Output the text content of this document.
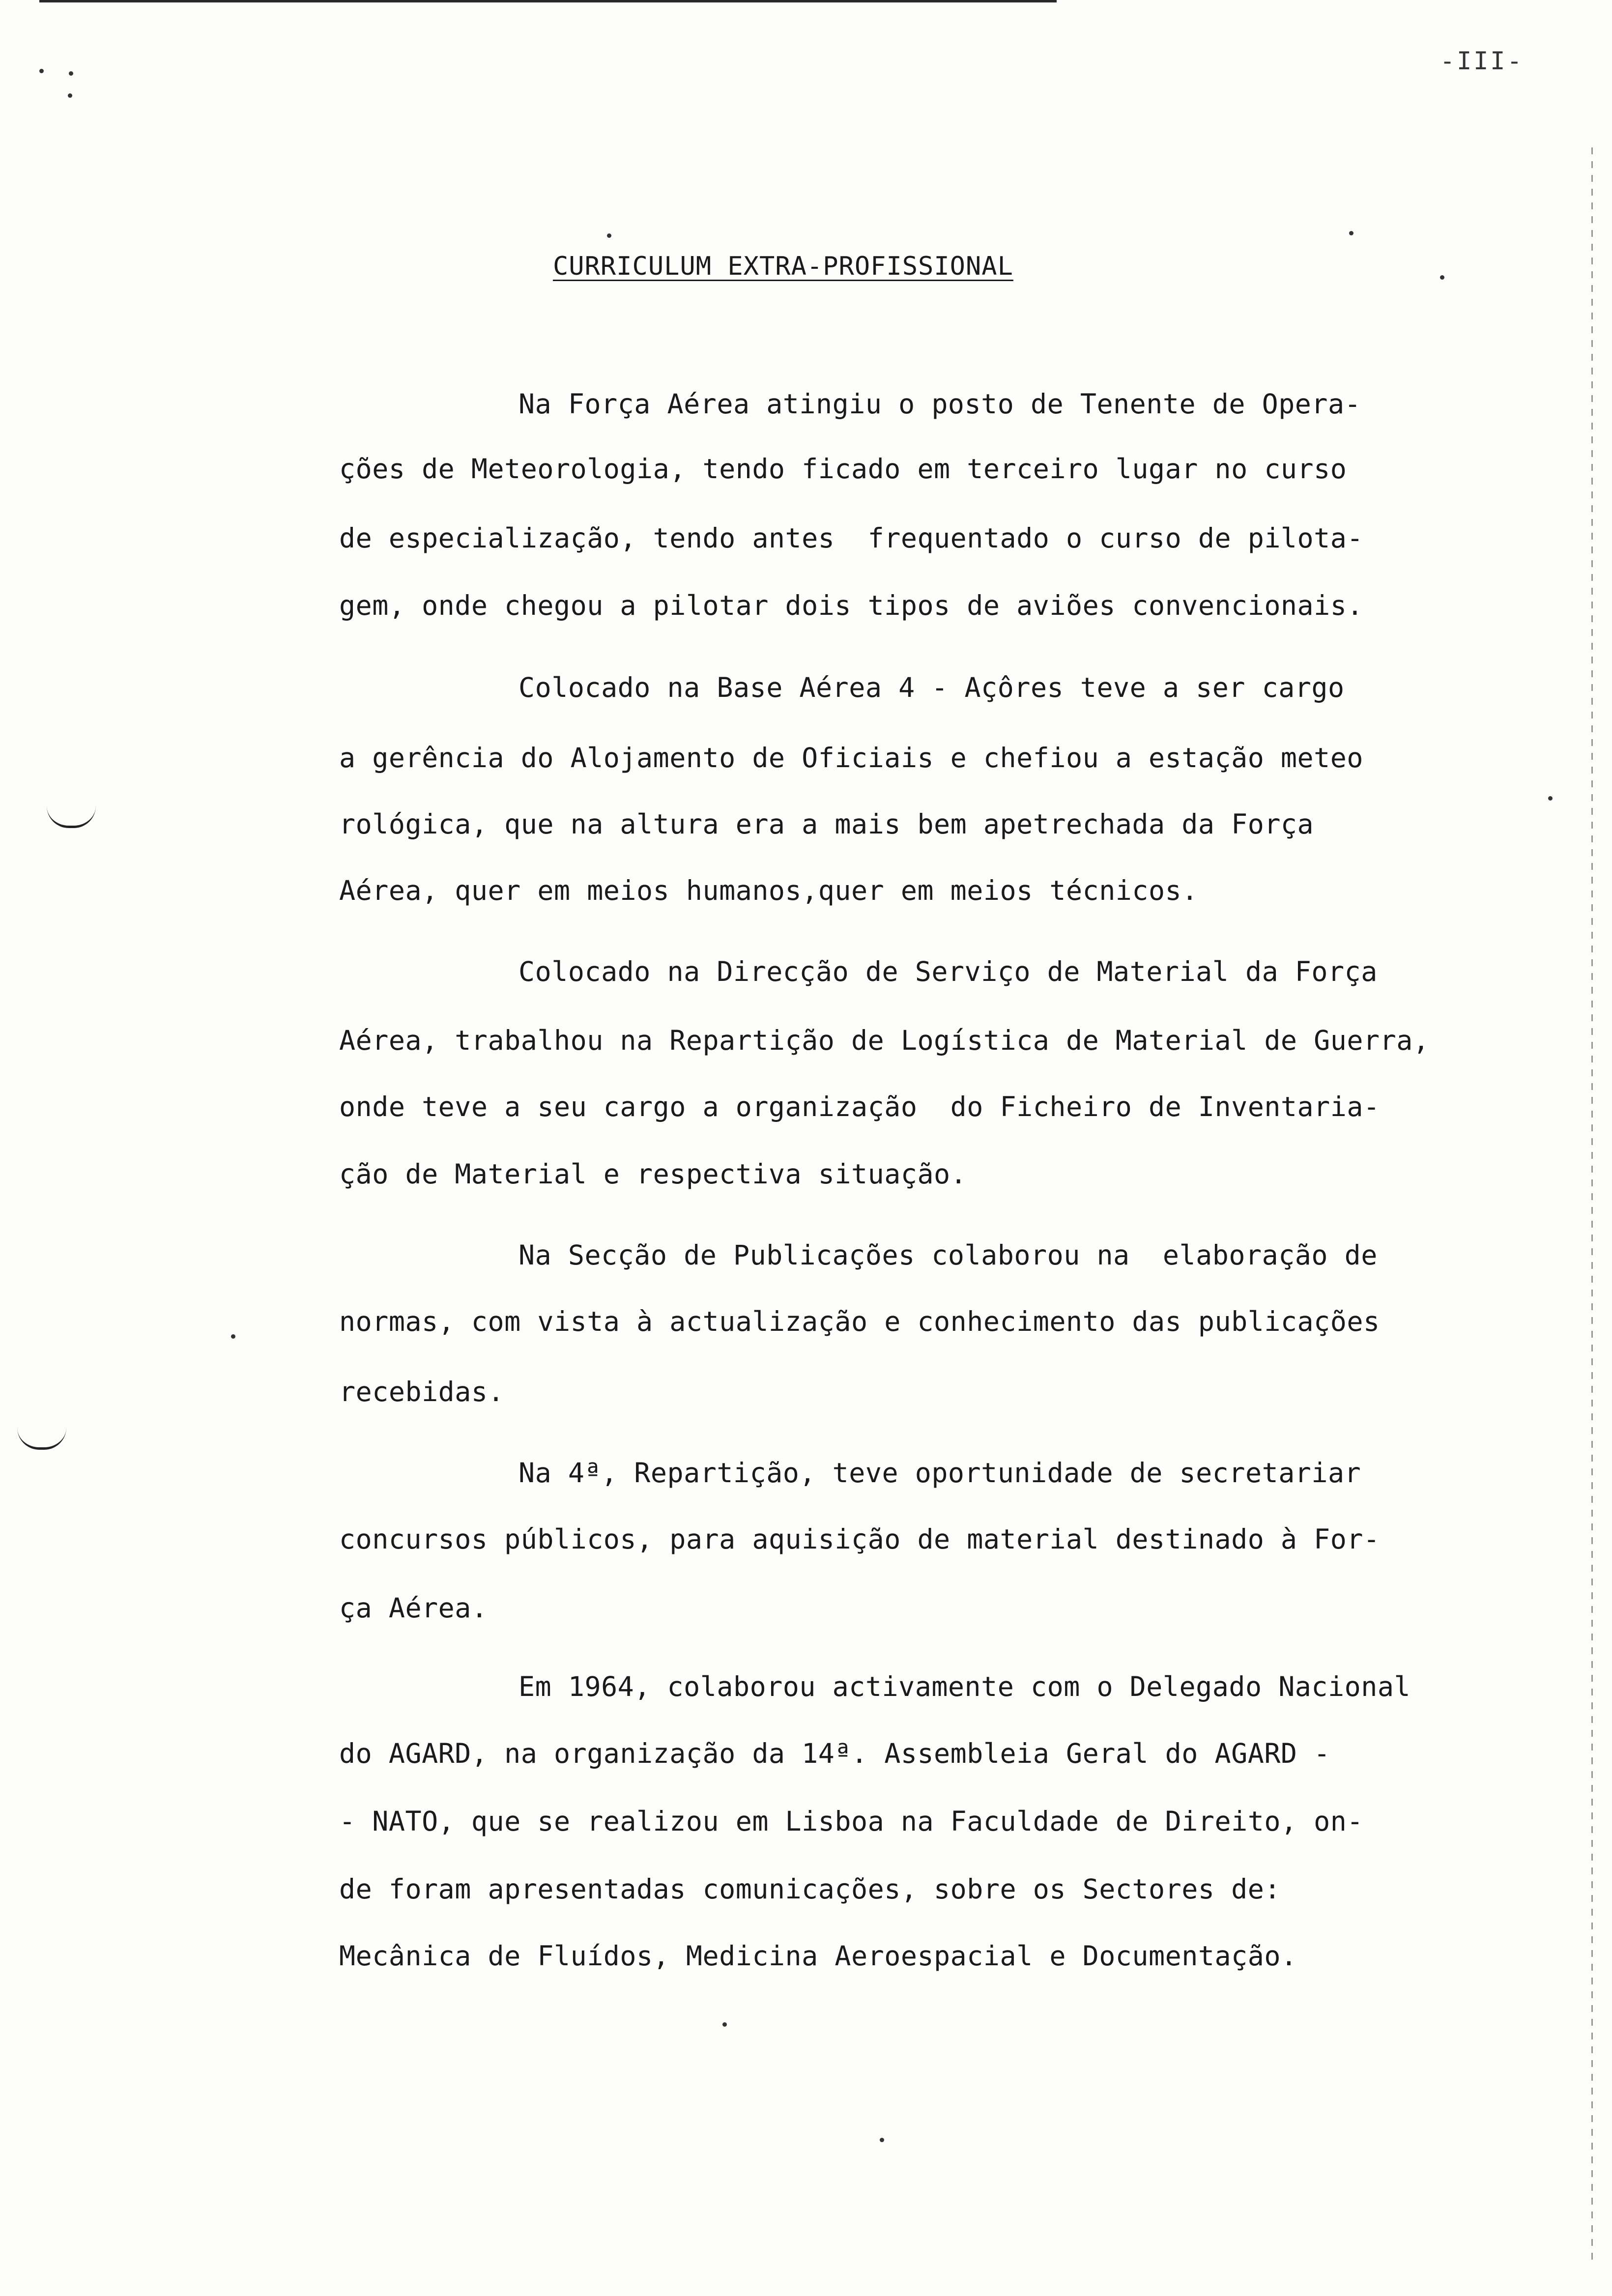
-III-
CURRICULUM EXTRA-PROFISSIONAL
Na Força Aérea atingiu o posto de Tenente de Opera-
ções de Meteorologia, tendo ficado em terceiro lugar no curso
de especialização, tendo antes  frequentado o curso de pilota-
gem, onde chegou a pilotar dois tipos de aviões convencionais.
Colocado na Base Aérea 4 - Açôres teve a ser cargo
a gerência do Alojamento de Oficiais e chefiou a estação meteo
rológica, que na altura era a mais bem apetrechada da Força
Aérea, quer em meios humanos,quer em meios técnicos.
Colocado na Direcção de Serviço de Material da Força
Aérea, trabalhou na Repartição de Logística de Material de Guerra,
onde teve a seu cargo a organização  do Ficheiro de Inventaria-
ção de Material e respectiva situação.
Na Secção de Publicações colaborou na  elaboração de
normas, com vista à actualização e conhecimento das publicações
recebidas.
Na 4ª, Repartição, teve oportunidade de secretariar
concursos públicos, para aquisição de material destinado à For-
ça Aérea.
Em 1964, colaborou activamente com o Delegado Nacional
do AGARD, na organização da 14ª. Assembleia Geral do AGARD -
- NATO, que se realizou em Lisboa na Faculdade de Direito, on-
de foram apresentadas comunicações, sobre os Sectores de:
Mecânica de Fluídos, Medicina Aeroespacial e Documentação.
